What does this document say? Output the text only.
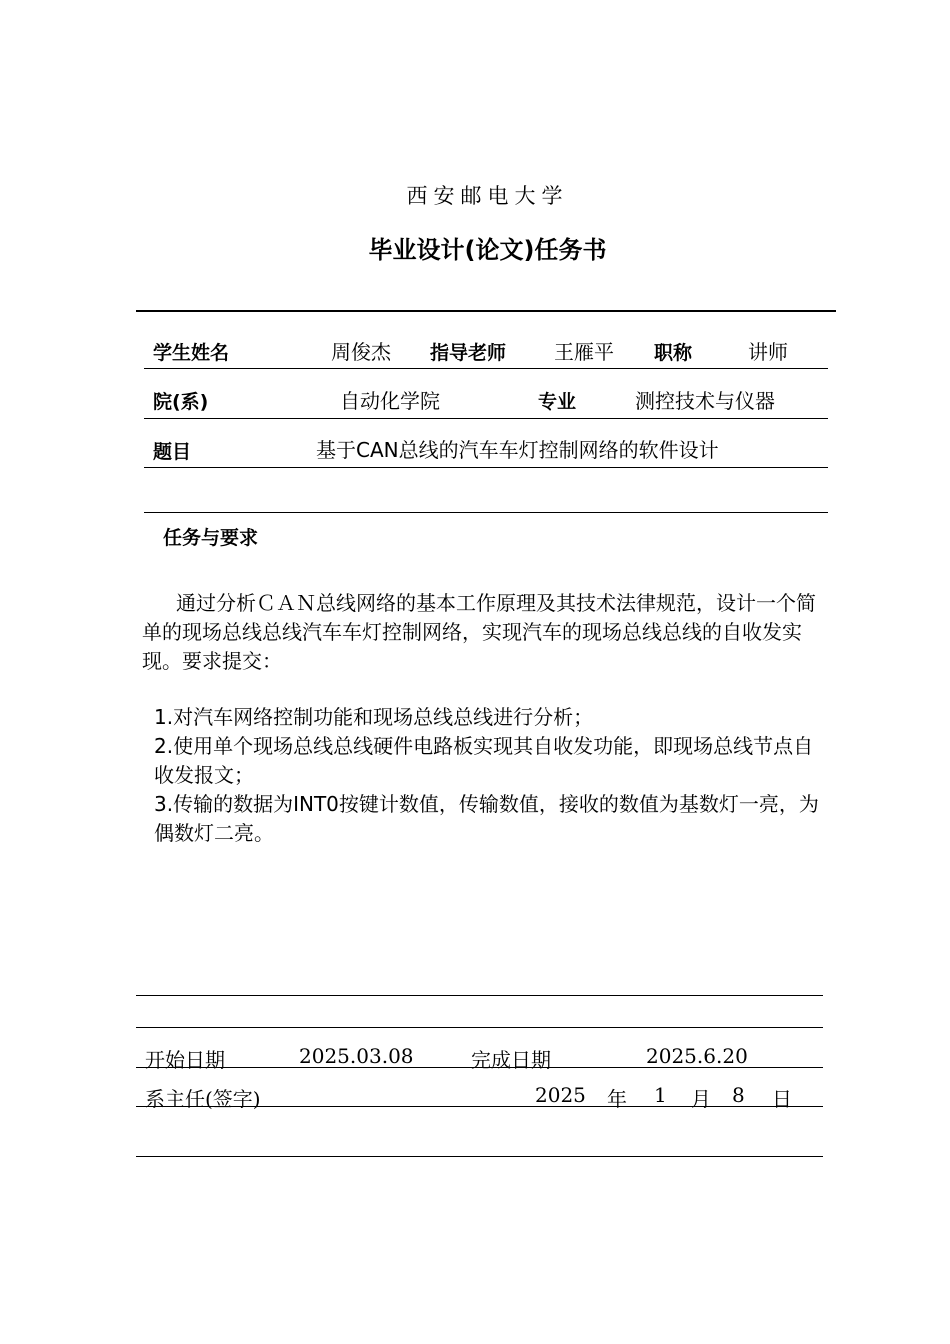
西安邮电大学
毕业设计(论文)任务书
学生姓名	周俊杰 指导老师 王雁平 职称	讲师
院(系)	自动化学院	专业	测控技术与仪器
题目	基于CAN总线的汽车车灯控制网络的软件设计
任务与要求
通过分析ＣＡＮ总线网络的基本工作原理及其技术法律规范，设计一个简单的现场总线总线汽车车灯控制网络，实现汽车的现场总线总线的自收发实现。要求提交：
1.对汽车网络控制功能和现场总线总线进行分析；
2.使用单个现场总线总线硬件电路板实现其自收发功能，即现场总线节点自收发报文；
3.传输的数据为INT0按键计数值，传输数值，接收的数值为基数灯一亮，为偶数灯二亮。
开始日期	2025.03.08	完成日期	2025.6.20
系主任(签字)	2025 年 1 月 8 日
